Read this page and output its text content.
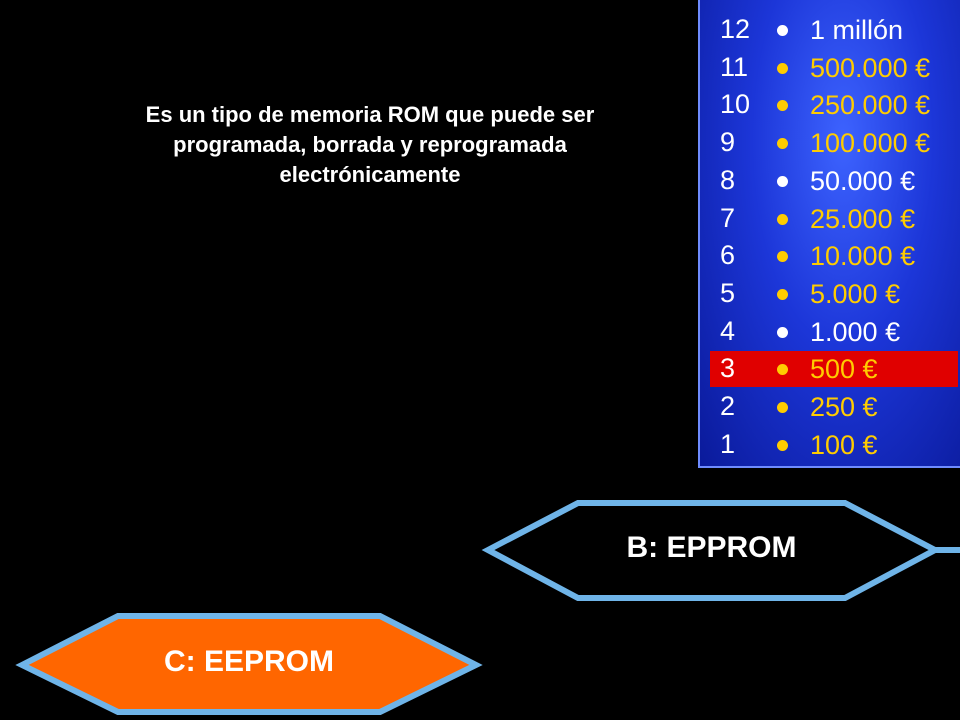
Es un tipo de memoria ROM que puede ser
programada, borrada y reprogramada
electrónicamente
12	1 millón
11	500.000 €
10	250.000 €
9	100.000 €
8	50.000 €
7	25.000 €
6	10.000 €
5	5.000 €
4	1.000 €
3	500 €
2	250 €
1	100 €
B: EPPROM
C: EEPROM
